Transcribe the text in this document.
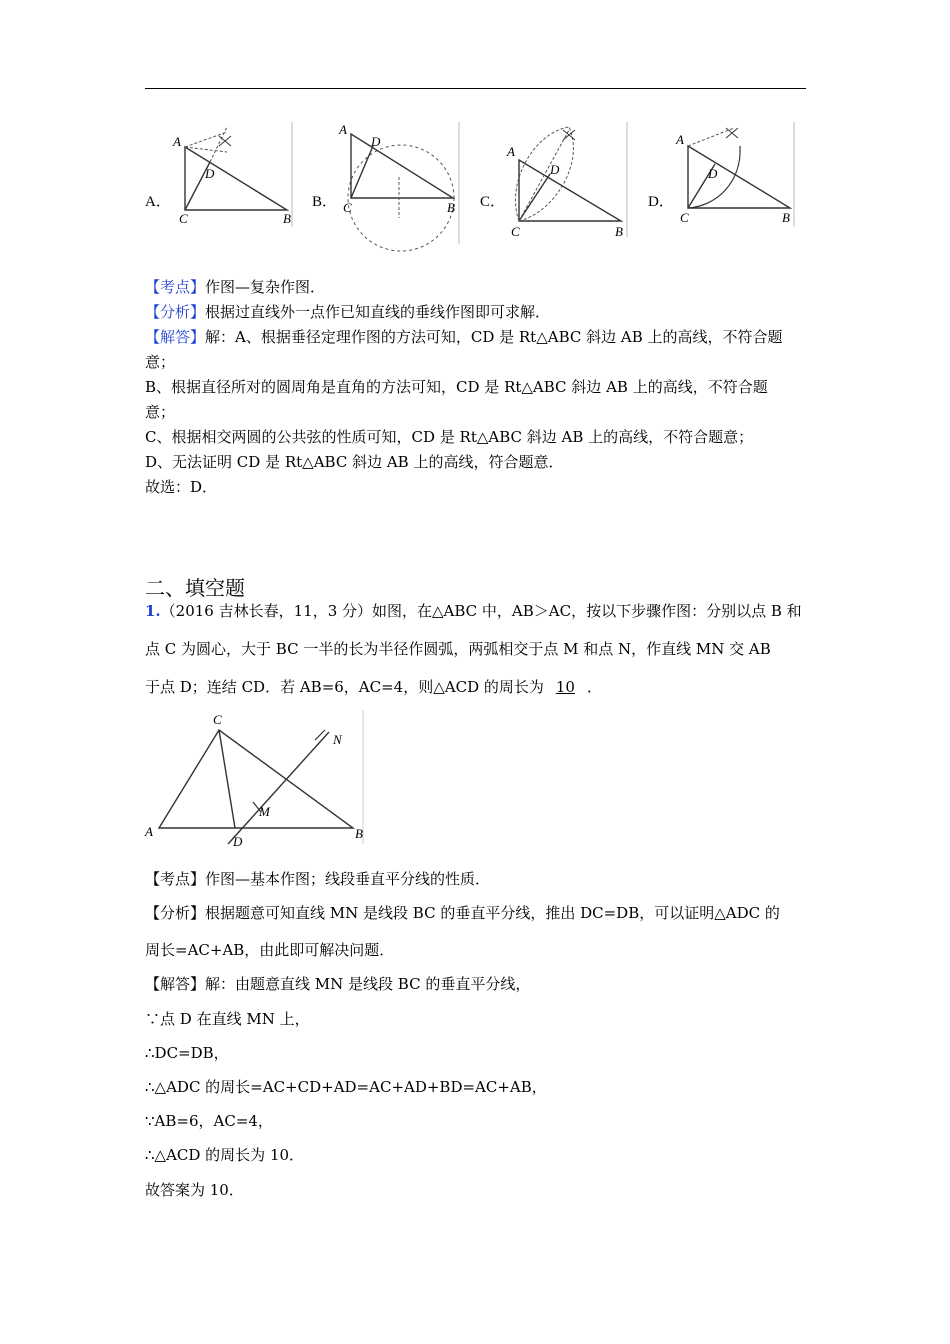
A．	B．	C．	D．
A
D
C	B
A
D
C	B
A
D
C	B
A
D
C	B
【考点】作图—复杂作图．
【分析】根据过直线外一点作已知直线的垂线作图即可求解．
【解答】解：A、根据垂径定理作图的方法可知，CD 是 Rt△ABC 斜边 AB 上的高线，不符合题
意；
B、根据直径所对的圆周角是直角的方法可知，CD 是 Rt△ABC 斜边 AB 上的高线，不符合题
意；
C、根据相交两圆的公共弦的性质可知，CD 是 Rt△ABC 斜边 AB 上的高线，不符合题意；
D、无法证明 CD 是 Rt△ABC 斜边 AB 上的高线，符合题意．
故选：D．
二、填空题
1.（2016 吉林长春，11，3 分）如图，在△ABC 中，AB＞AC，按以下步骤作图：分别以点 B 和
点 C 为圆心，大于 BC 一半的长为半径作圆弧，两弧相交于点 M 和点 N，作直线 MN 交 AB
于点 D；连结 CD．若 AB=6，AC=4，则△ACD 的周长为 10 ．
C
N
M
A	B
D
【考点】作图—基本作图；线段垂直平分线的性质．
【分析】根据题意可知直线 MN 是线段 BC 的垂直平分线，推出 DC=DB，可以证明△ADC 的
周长=AC+AB，由此即可解决问题．
【解答】解：由题意直线 MN 是线段 BC 的垂直平分线，
∵点 D 在直线 MN 上，
∴DC=DB，
∴△ADC 的周长=AC+CD+AD=AC+AD+BD=AC+AB，
∵AB=6，AC=4，
∴△ACD 的周长为 10．
故答案为 10．
